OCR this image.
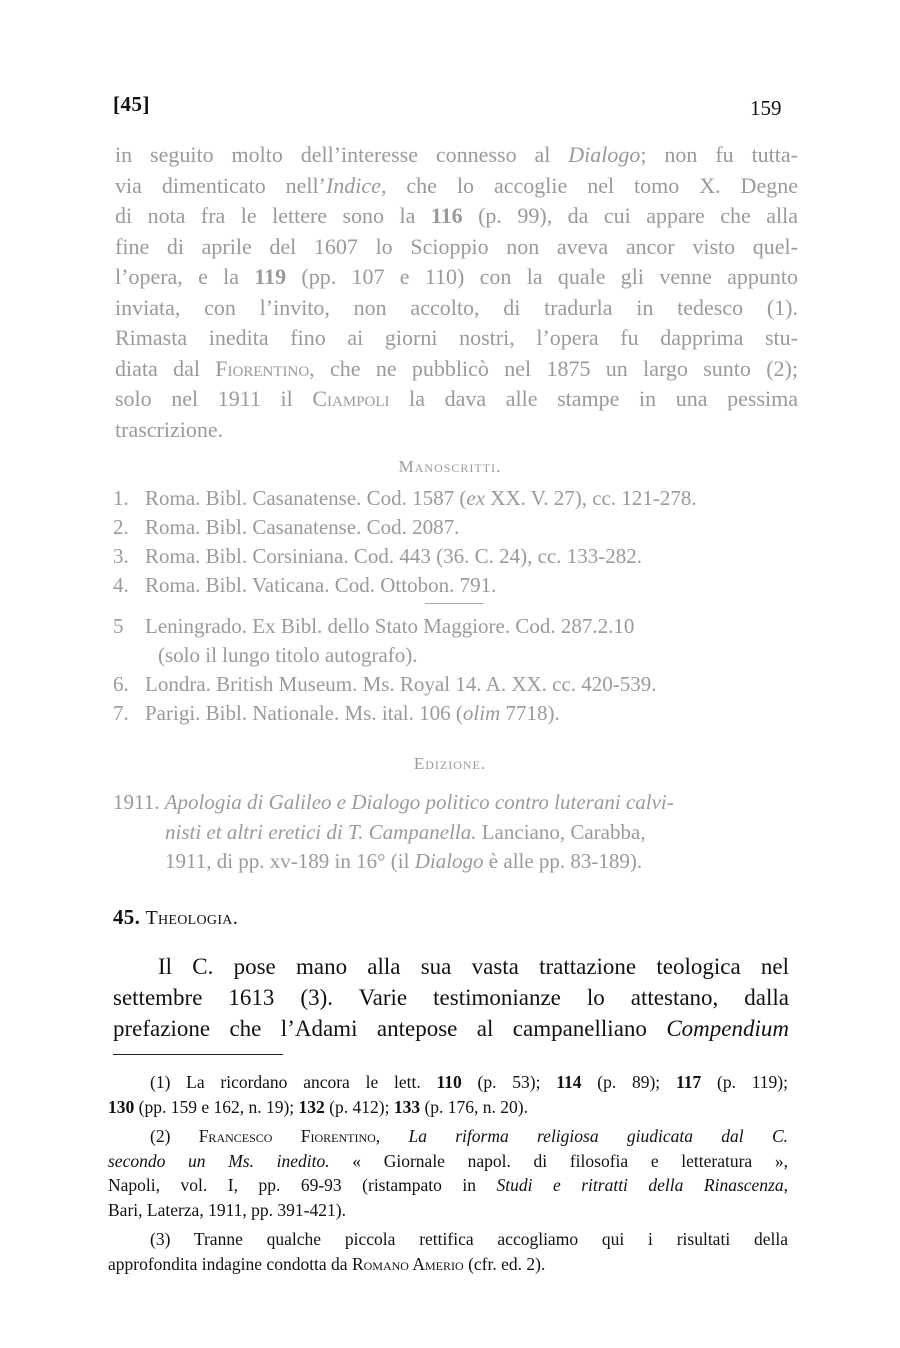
[45]	159
in seguito molto dell’interesse connesso al Dialogo; non fu tutta-
via dimenticato nell’Indice, che lo accoglie nel tomo X. Degne
di nota fra le lettere sono la 116 (p. 99), da cui appare che alla
fine di aprile del 1607 lo Scioppio non aveva ancor visto quel-
l’opera, e la 119 (pp. 107 e 110) con la quale gli venne appunto
inviata, con l’invito, non accolto, di tradurla in tedesco (1).
Rimasta inedita fino ai giorni nostri, l’opera fu dapprima stu-
diata dal Fiorentino, che ne pubblicò nel 1875 un largo sunto (2);
solo nel 1911 il Ciampoli la dava alle stampe in una pessima
trascrizione.
Manoscritti.
1. Roma. Bibl. Casanatense. Cod. 1587 (ex XX. V. 27), cc. 121-278.
2. Roma. Bibl. Casanatense. Cod. 2087.
3. Roma. Bibl. Corsiniana. Cod. 443 (36. C. 24), cc. 133-282.
4. Roma. Bibl. Vaticana. Cod. Ottobon. 791.
5 Leningrado. Ex Bibl. dello Stato Maggiore. Cod. 287.2.10
(solo il lungo titolo autografo).
6. Londra. British Museum. Ms. Royal 14. A. XX. cc. 420-539.
7. Parigi. Bibl. Nationale. Ms. ital. 106 (olim 7718).
Edizione.
1911. Apologia di Galileo e Dialogo politico contro luterani calvi-
nisti et altri eretici di T. Campanella. Lanciano, Carabba,
1911, di pp. xv-189 in 16° (il Dialogo è alle pp. 83-189).
45. Theologia.
Il C. pose mano alla sua vasta trattazione teologica nel
settembre 1613 (3). Varie testimonianze lo attestano, dalla
prefazione che l’Adami antepose al campanelliano Compendium
(1) La ricordano ancora le lett. 110 (p. 53); 114 (p. 89); 117 (p. 119);
130 (pp. 159 e 162, n. 19); 132 (p. 412); 133 (p. 176, n. 20).
(2) Francesco Fiorentino, La riforma religiosa giudicata dal C.
secondo un Ms. inedito. « Giornale napol. di filosofia e letteratura »,
Napoli, vol. I, pp. 69-93 (ristampato in Studi e ritratti della Rinascenza,
Bari, Laterza, 1911, pp. 391-421).
(3) Tranne qualche piccola rettifica accogliamo qui i risultati della
approfondita indagine condotta da Romano Amerio (cfr. ed. 2).
